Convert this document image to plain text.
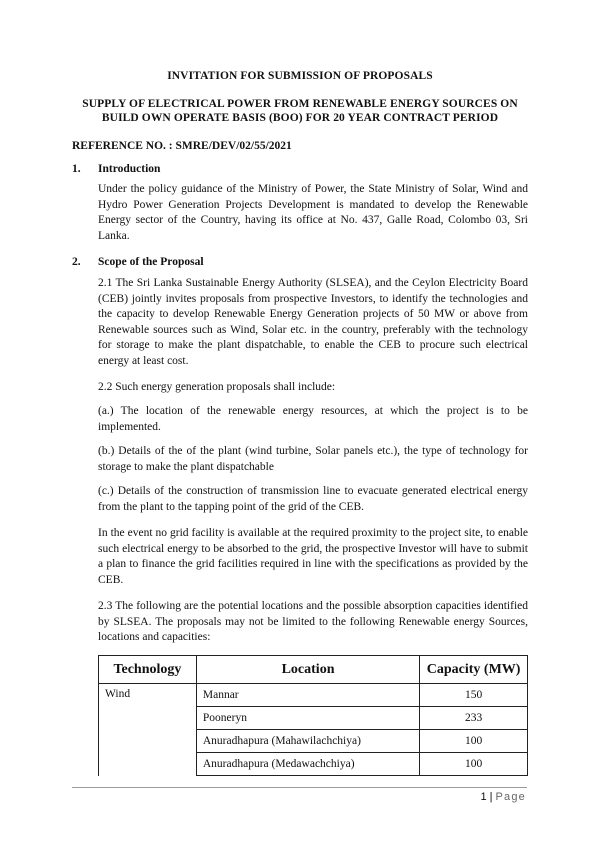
INVITATION FOR SUBMISSION OF PROPOSALS
SUPPLY OF ELECTRICAL POWER FROM RENEWABLE ENERGY SOURCES ON
BUILD OWN OPERATE BASIS (BOO) FOR 20 YEAR CONTRACT PERIOD
REFERENCE NO. : SMRE/DEV/02/55/2021
1. Introduction
Under the policy guidance of the Ministry of Power, the State Ministry of Solar, Wind and Hydro Power Generation Projects Development is mandated to develop the Renewable Energy sector of the Country, having its office at No. 437, Galle Road, Colombo 03, Sri Lanka.
2. Scope of the Proposal
2.1 The Sri Lanka Sustainable Energy Authority (SLSEA), and the Ceylon Electricity Board (CEB) jointly invites proposals from prospective Investors, to identify the technologies and the capacity to develop Renewable Energy Generation projects of 50 MW or above from Renewable sources such as Wind, Solar etc. in the country, preferably with the technology for storage to make the plant dispatchable, to enable the CEB to procure such electrical energy at least cost.
2.2 Such energy generation proposals shall include:
(a.) The location of the renewable energy resources, at which the project is to be implemented.
(b.) Details of the of the plant (wind turbine, Solar panels etc.), the type of technology for storage to make the plant dispatchable
(c.) Details of the construction of transmission line to evacuate generated electrical energy from the plant to the tapping point of the grid of the CEB.
In the event no grid facility is available at the required proximity to the project site, to enable such electrical energy to be absorbed to the grid, the prospective Investor will have to submit a plan to finance the grid facilities required in line with the specifications as provided by the CEB.
2.3 The following are the potential locations and the possible absorption capacities identified by SLSEA. The proposals may not be limited to the following Renewable energy Sources, locations and capacities:
Technology	Location	Capacity (MW)
Wind	Mannar	150
	Pooneryn	233
	Anuradhapura (Mahawilachchiya)	100
	Anuradhapura (Medawachchiya)	100
1 | Page
